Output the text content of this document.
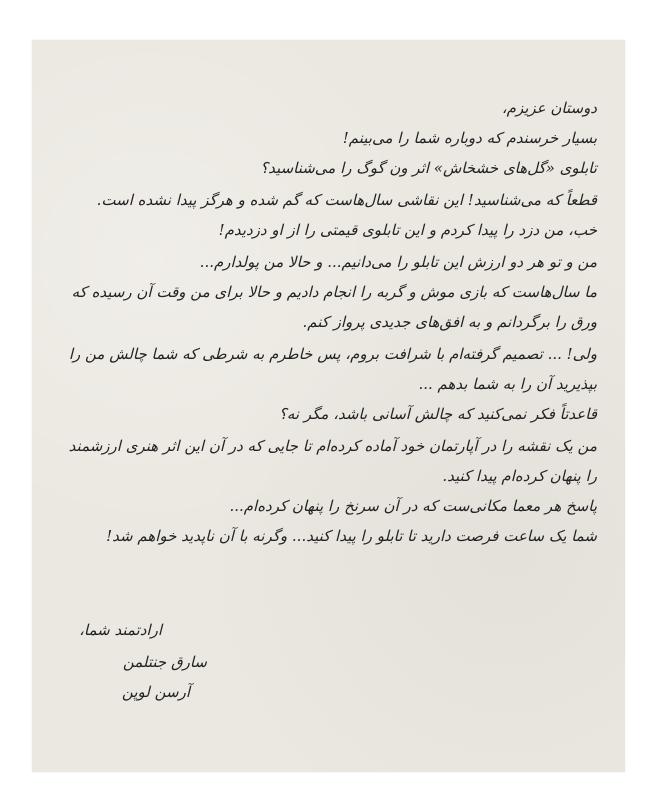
دوستان عزیزم،
بسیار خرسندم که دوباره شما را می‌بینم!
تابلوی «گل‌های خشخاش» اثر ون گوگ را می‌شناسید؟
قطعاً که می‌شناسید! این نقاشی سال‌هاست که گم شده و هرگز پیدا نشده است.
خب، من دزد را پیدا کردم و این تابلوی قیمتی را از او دزدیدم!
من و تو هر دو ارزش این تابلو را می‌دانیم... و حالا من پولدارم...
ما سال‌هاست که بازی موش و گربه را انجام دادیم و حالا برای من وقت آن رسیده که
ورق را برگردانم و به افق‌های جدیدی پرواز کنم.
ولی! ... تصمیم گرفته‌ام با شرافت بروم، پس خاطرم به شرطی که شما چالش من را
بپذیرید آن را به شما بدهم ...
قاعدتاً فکر نمی‌کنید که چالش آسانی باشد، مگر نه؟
من یک نقشه را در آپارتمان خود آماده کرده‌ام تا جایی که در آن این اثر هنری ارزشمند
را پنهان کرده‌ام پیدا کنید.
پاسخ هر معما مکانی‌ست که در آن سرنخ را پنهان کرده‌ام...
شما یک ساعت فرصت دارید تا تابلو را پیدا کنید... وگرنه با آن ناپدید خواهم شد!
ارادتمند شما،
سارق جنتلمن
آرسن لوپن
